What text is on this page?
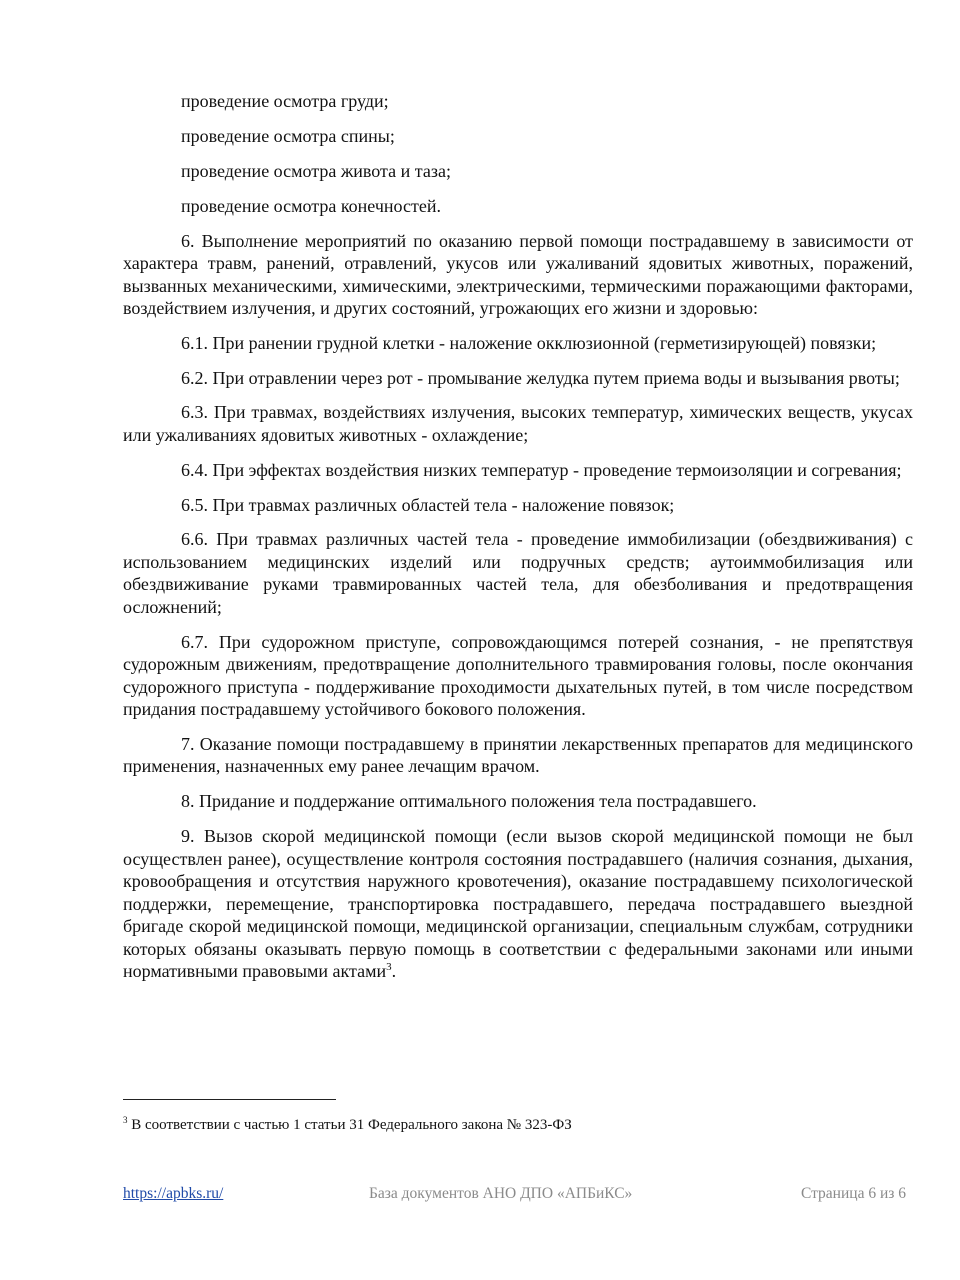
проведение осмотра груди;
проведение осмотра спины;
проведение осмотра живота и таза;
проведение осмотра конечностей.

6. Выполнение мероприятий по оказанию первой помощи пострадавшему в зависимости от характера травм, ранений, отравлений, укусов или ужаливаний ядовитых животных, поражений, вызванных механическими, химическими, электрическими, термическими поражающими факторами, воздействием излучения, и других состояний, угрожающих его жизни и здоровью:

6.1. При ранении грудной клетки - наложение окклюзионной (герметизирующей) повязки;

6.2. При отравлении через рот - промывание желудка путем приема воды и вызывания рвоты;

6.3. При травмах, воздействиях излучения, высоких температур, химических веществ, укусах или ужаливаниях ядовитых животных - охлаждение;

6.4. При эффектах воздействия низких температур - проведение термоизоляции и согревания;

6.5. При травмах различных областей тела - наложение повязок;

6.6. При травмах различных частей тела - проведение иммобилизации (обездвиживания) с использованием медицинских изделий или подручных средств; аутоиммобилизация или обездвиживание руками травмированных частей тела, для обезболивания и предотвращения осложнений;

6.7. При судорожном приступе, сопровождающимся потерей сознания, - не препятствуя судорожным движениям, предотвращение дополнительного травмирования головы, после окончания судорожного приступа - поддерживание проходимости дыхательных путей, в том числе посредством придания пострадавшему устойчивого бокового положения.

7. Оказание помощи пострадавшему в принятии лекарственных препаратов для медицинского применения, назначенных ему ранее лечащим врачом.

8. Придание и поддержание оптимального положения тела пострадавшего.

9. Вызов скорой медицинской помощи (если вызов скорой медицинской помощи не был осуществлен ранее), осуществление контроля состояния пострадавшего (наличия сознания, дыхания, кровообращения и отсутствия наружного кровотечения), оказание пострадавшему психологической поддержки, перемещение, транспортировка пострадавшего, передача пострадавшего выездной бригаде скорой медицинской помощи, медицинской организации, специальным службам, сотрудники которых обязаны оказывать первую помощь в соответствии с федеральными законами или иными нормативными правовыми актами$^3$.

$^3$ В соответствии с частью 1 статьи 31 Федерального закона № 323-ФЗ
https://apbks.ru/	База документов АНО ДПО «АПБиКС»	Страница 6 из 6
